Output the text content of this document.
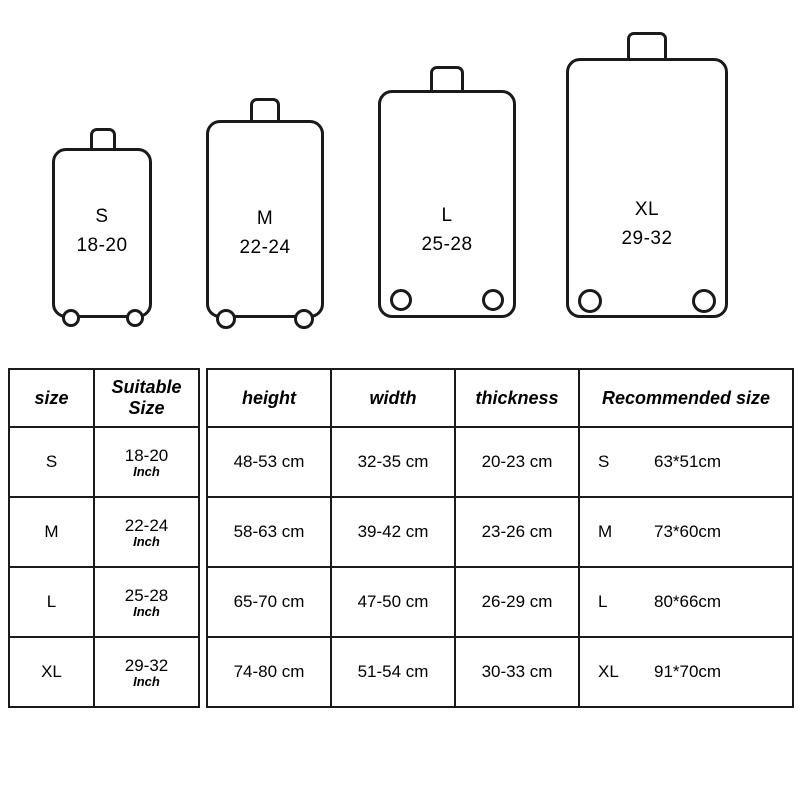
S
18-20
M
22-24
L
25-28
XL
29-32
size	Suitable Size
S	18-20
Inch

M	22-24
Inch

L	25-28
Inch

XL	29-32
Inch
height	width	thickness	Recommended size
48-53 cm	32-35 cm	20-23 cm	S 63*51cm
58-63 cm	39-42 cm	23-26 cm	M 73*60cm
65-70 cm	47-50 cm	26-29 cm	L 80*66cm
74-80 cm	51-54 cm	30-33 cm	XL 91*70cm
